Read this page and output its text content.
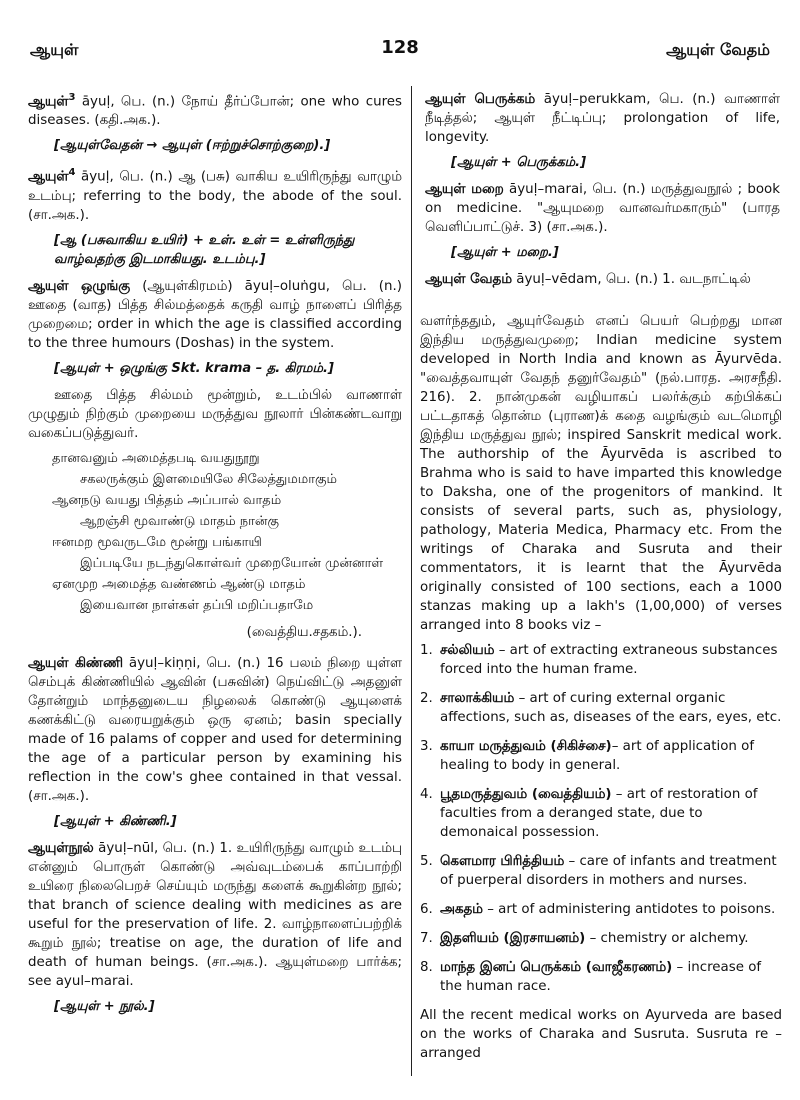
ஆயுள்	128	ஆயுள் வேதம்
ஆயுள்$^3$ āyuḷ, பெ. (n.) நோய் தீர்ப்போன்; one who cures diseases. (கதி.அக.).
[ஆயுள்வேதன் → ஆயுள் (ஈற்றுச்சொற்குறை).]
ஆயுள்$^4$ āyuḷ, பெ. (n.) ஆ (பசு) வாகிய உயிரிருந்து வாழும் உடம்பு; referring to the body, the abode of the soul.(சா.அக.).
[ஆ (பசுவாகிய உயிர்) + உள். உள் = உள்ளிருந்து வாழ்வதற்கு இடமாகியது. உடம்பு.]
ஆயுள் ஒழுங்கு (ஆயுள்கிரமம்) āyuḷ–oluṅgu, பெ. (n.) ஊதை (வாத) பித்த சில்மத்தைக் கருதி வாழ் நாளைப் பிரித்த முறைமை; order in which the age is classified according to the three humours (Doshas) in the system.
[ஆயுள் + ஒழுங்கு Skt. krama – த. கிரமம்.]
ஊதை பித்த சில்மம் மூன்றும், உடம்பில் வாணாள் முழுதும் நிற்கும் முறையை மருத்துவ நூலார் பின்கண்டவாறு வகைப்படுத்துவர்.
தானவனும் அமைத்தபடி வயதுநூறு
சகலருக்கும் இளமையிலே சிலேத்துமமாகும்
ஆனநடு வயது பித்தம் அப்பால் வாதம்
ஆறஞ்சி மூவாண்டு மாதம் நான்கு
ஈனமற மூவருடமே மூன்று பங்காயி
இப்படியே நடந்துகொள்வர் முறையோன் முன்னாள்
ஏனமுற அமைத்த வண்ணம் ஆண்டு மாதம்
இயைவான நாள்கள் தப்பி மறிப்பதாமே
(வைத்திய.சதகம்.).
ஆயுள் கிண்ணி āyuḷ–kiṇṇi, பெ. (n.) 16 பலம் நிறை யுள்ள செம்புக் கிண்ணியில் ஆவின் (பசுவின்) நெய்விட்டு அதனுள் தோன்றும் மாந்தனுடைய நிழலைக் கொண்டு ஆயுளைக் கணக்கிட்டு வரையறுக்கும் ஒரு ஏனம்; basin specially made of 16 palams of copper and used for determining the age of a particular person by examining his reflection in the cow's ghee contained in that vessal. (சா.அக.).
[ஆயுள் + கிண்ணி.]
ஆயுள்நூல் āyuḷ–nūl, பெ. (n.) 1. உயிரிருந்து வாழும் உடம்பு என்னும் பொருள் கொண்டு அவ்வுடம்பைக் காப்பாற்றி உயிரை நிலைபெறச் செய்யும் மருந்து களைக் கூறுகின்ற நூல்; that branch of science dealing with medicines as are useful for the preservation of life. 2. வாழ்நாளைப்பற்றிக் கூறும் நூல்; treatise on age, the duration of life and death of human beings. (சா.அக.). ஆயுள்மறை பார்க்க; see ayul–marai.
[ஆயுள் + நூல்.]
ஆயுள் பெருக்கம் āyuḷ–perukkam, பெ. (n.) வாணாள் நீடித்தல்; ஆயுள் நீட்டிப்பு; prolongation of life, longevity.
[ஆயுள் + பெருக்கம்.]
ஆயுள் மறை āyuḷ–marai, பெ. (n.) மருத்துவநூல் ; book on medicine. "ஆயுமறை வானவர்மகாரும்" (பாரத வெளிப்பாட்டுச். 3) (சா.அக.).
[ஆயுள் + மறை.]
ஆயுள் வேதம் āyuḷ–vēdam, பெ. (n.) 1. வடநாட்டில்
வளர்ந்ததும், ஆயுர்வேதம் எனப் பெயர் பெற்றது மான இந்திய மருத்துவமுறை; Indian medicine system developed in North India and known as Āyurvēda. "வைத்தவாயுள் வேதந் தனுர்வேதம்" (நல்.பாரத. அரசநீதி. 216). 2. நான்முகன் வழியாகப் பலர்க்கும் கற்பிக்கப் பட்டதாகத் தொன்ம (புராண)க் கதை வழங்கும் வடமொழி இந்திய மருத்துவ நூல்; inspired Sanskrit medical work. The authorship of the Āyurvēda is ascribed to Brahma who is said to have imparted this knowledge to Daksha, one of the progenitors of mankind. It consists of several parts, such as, physiology, pathology, Materia Medica, Pharmacy etc. From the writings of Charaka and Susruta and their commentators, it is learnt that the Āyurvēda originally consisted of 100 sections, each a 1000 stanzas making up a lakh's (1,00,000) of verses arranged into 8 books viz –
1. சல்லியம் – art of extracting extraneous substances forced into the human frame.
2. சாலாக்கியம் – art of curing external organic affections, such as, diseases of the ears, eyes, etc.
3. காயா மருத்துவம் (சிகிச்சை)– art of application of healing to body in general.
4. பூதமருத்துவம் (வைத்தியம்) – art of restoration of faculties from a deranged state, due to demonaical possession.
5. கௌமார பிரித்தியம் – care of infants and treatment of puerperal disorders in mothers and nurses.
6. அகதம் – art of administering antidotes to poisons.
7. இதளியம் (இரசாயனம்) – chemistry or alchemy.
8. மாந்த இனப் பெருக்கம் (வாஜீகரணம்) – increase of the human race.
All the recent medical works on Ayurveda are based on the works of Charaka and Susruta. Susruta re – arranged
